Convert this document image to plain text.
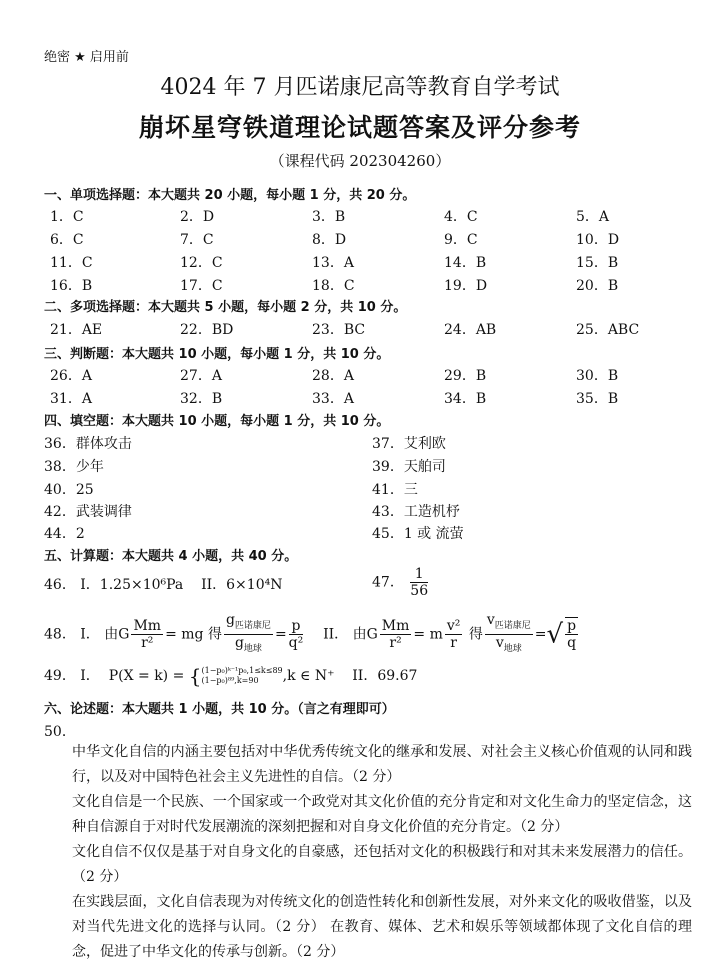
绝密 ★ 启用前
4024 年 7 月匹诺康尼高等教育自学考试
崩坏星穹铁道理论试题答案及评分参考
（课程代码 202304260）
一、单项选择题：本大题共 20 小题，每小题 1 分，共 20 分。
1．C	2．D	3．B	4．C	5．A
6．C	7．C	8．D	9．C	10．D
11．C	12．C	13．A	14．B	15．B
16．B	17．C	18．C	19．D	20．B
二、多项选择题：本大题共 5 小题，每小题 2 分，共 10 分。
21．AE	22．BD	23．BC	24．AB	25．ABC
三、判断题：本大题共 10 小题，每小题 1 分，共 10 分。
26．A	27．A	28．A	29．B	30．B
31．A	32．B	33．A	34．B	35．B
四、填空题：本大题共 10 小题，每小题 1 分，共 10 分。
36．群体攻击	37．艾利欧
38．少年	39．天舶司
40．25	41．三
42．武装调律	43．工造机杼
44．2	45．1 或 流萤
五、计算题：本大题共 4 小题，共 40 分。
46． I．1.25×10⁶Pa II．6×10⁴N	47． $\frac{1}{56}$
48． I． 由G $\frac{Mm}{\text{r²}}$ = mg 得 $\frac{g_{匹诺康尼}}{g_{地球}} = \frac{p}{\text{q²}}$ II． 由G $\frac{Mm}{\text{r²}} = m \frac{\text{v²}}{r}$ 得 $\frac{v_{匹诺康尼}}{v_{地球}}$ =√ $\frac{p}{q}$
49． I． P(X = k) = { (1−p₀)ᵏ⁻¹p₀,1≤k≤89
(1−p₀)⁸⁹,k=90	,k ∈ N⁺ II．69.67
六、论述题：本大题共 1 小题，共 10 分。（言之有理即可）
50．
中华文化自信的内涵主要包括对中华优秀传统文化的继承和发展、对社会主义核心价值观的认同和践行，以及对中国特色社会主义先进性的自信。（2 分）
文化自信是一个民族、一个国家或一个政党对其文化价值的充分肯定和对文化生命力的坚定信念，这种自信源自于对时代发展潮流的深刻把握和对自身文化价值的充分肯定。（2 分）
文化自信不仅仅是基于对自身文化的自豪感，还包括对文化的积极践行和对其未来发展潜力的信任。（2 分）
在实践层面，文化自信表现为对传统文化的创造性转化和创新性发展，对外来文化的吸收借鉴，以及对当代先进文化的选择与认同。（2 分） 在教育、媒体、艺术和娱乐等领域都体现了文化自信的理念，促进了中华文化的传承与创新。（2 分）
